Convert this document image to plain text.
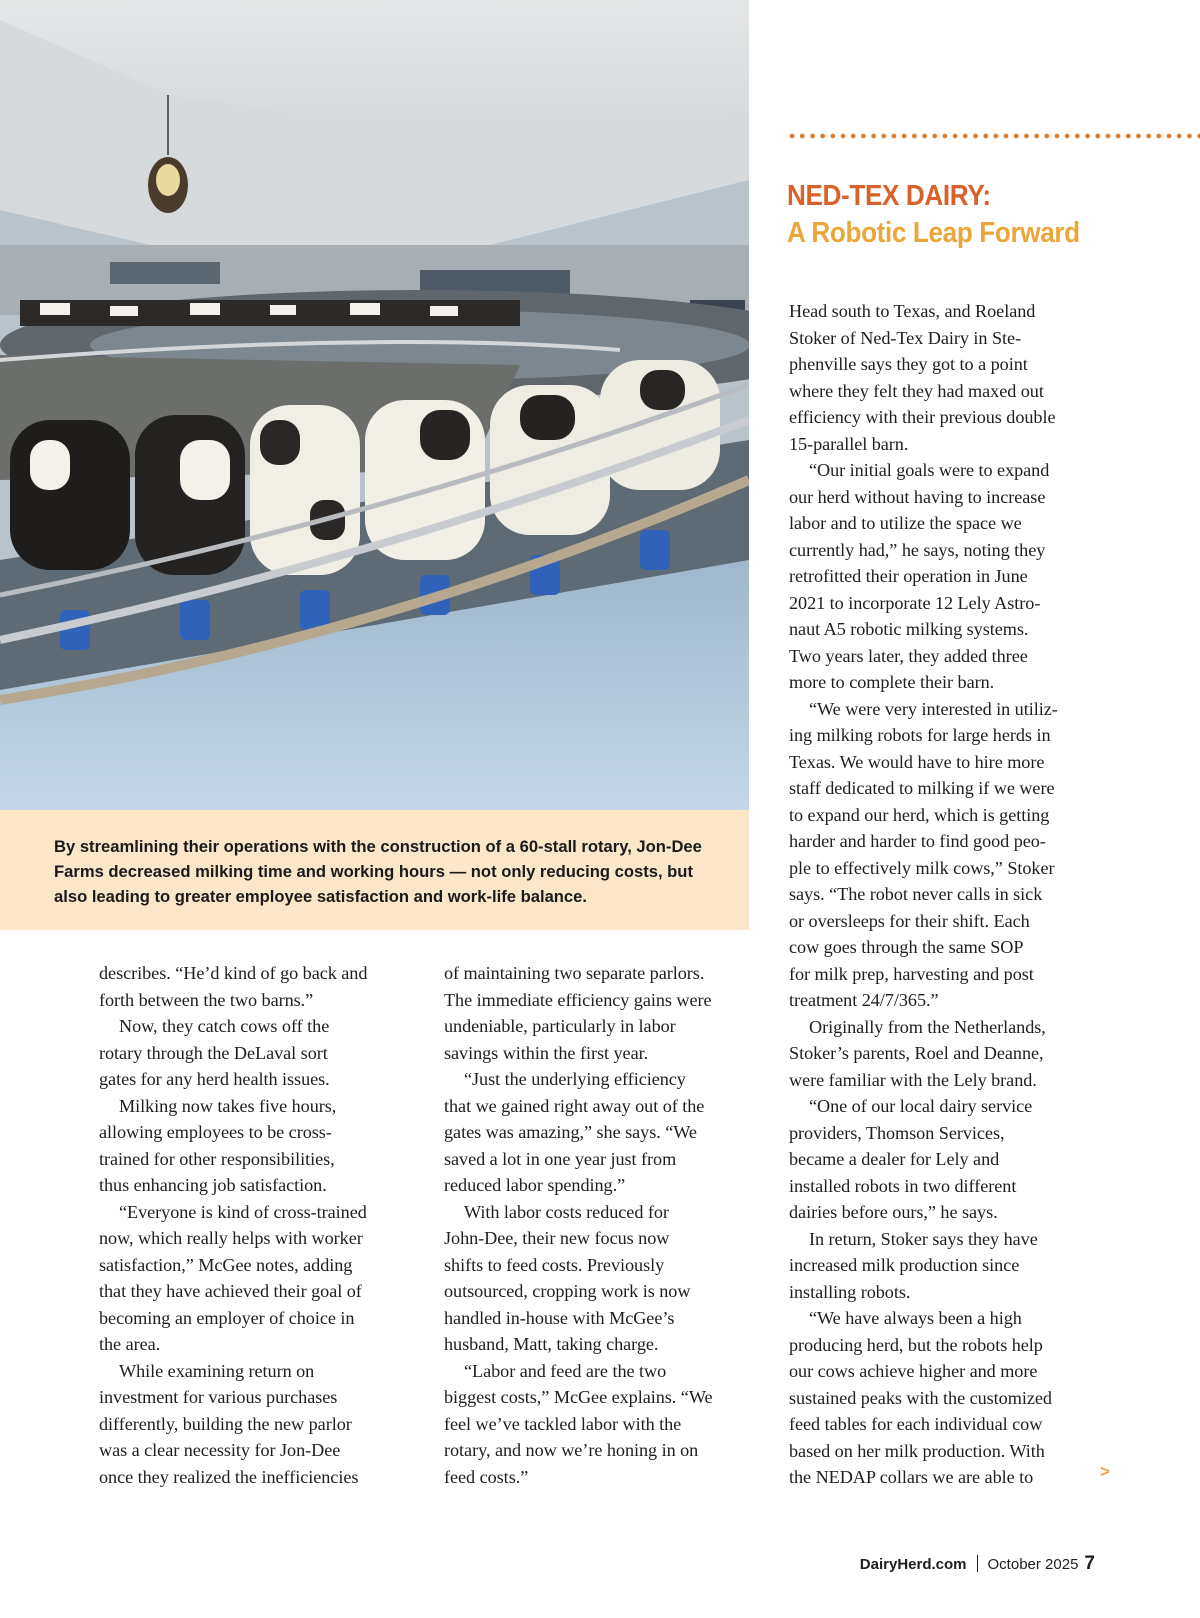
By streamlining their operations with the construction of a 60-stall rotary, Jon-Dee Farms decreased milking time and working hours — not only reducing costs, but also leading to greater employee satisfaction and work-life balance.

NED-TEX DAIRY:
A Robotic Leap Forward
describes. “He’d kind of go back and
forth between the two barns.”
Now, they catch cows off the
rotary through the DeLaval sort
gates for any herd health issues.
Milking now takes five hours,
allowing employees to be cross-
trained for other responsibilities,
thus enhancing job satisfaction.
“Everyone is kind of cross-trained
now, which really helps with worker
satisfaction,” McGee notes, adding
that they have achieved their goal of
becoming an employer of choice in
the area.
While examining return on
investment for various purchases
differently, building the new parlor
was a clear necessity for Jon-Dee
once they realized the inefficiencies
of maintaining two separate parlors.
The immediate efficiency gains were
undeniable, particularly in labor
savings within the first year.
“Just the underlying efficiency
that we gained right away out of the
gates was amazing,” she says. “We
saved a lot in one year just from
reduced labor spending.”
With labor costs reduced for
John-Dee, their new focus now
shifts to feed costs. Previously
outsourced, cropping work is now
handled in-house with McGee’s
husband, Matt, taking charge.
“Labor and feed are the two
biggest costs,” McGee explains. “We
feel we’ve tackled labor with the
rotary, and now we’re honing in on
feed costs.”
Head south to Texas, and Roeland
Stoker of Ned-Tex Dairy in Ste-
phenville says they got to a point
where they felt they had maxed out
efficiency with their previous double
15-parallel barn.
“Our initial goals were to expand
our herd without having to increase
labor and to utilize the space we
currently had,” he says, noting they
retrofitted their operation in June
2021 to incorporate 12 Lely Astro-
naut A5 robotic milking systems.
Two years later, they added three
more to complete their barn.
“We were very interested in utiliz-
ing milking robots for large herds in
Texas. We would have to hire more
staff dedicated to milking if we were
to expand our herd, which is getting
harder and harder to find good peo-
ple to effectively milk cows,” Stoker
says. “The robot never calls in sick
or oversleeps for their shift. Each
cow goes through the same SOP
for milk prep, harvesting and post
treatment 24/7/365.”
Originally from the Netherlands,
Stoker’s parents, Roel and Deanne,
were familiar with the Lely brand.
“One of our local dairy service
providers, Thomson Services,
became a dealer for Lely and
installed robots in two different
dairies before ours,” he says.
In return, Stoker says they have
increased milk production since
installing robots.
“We have always been a high
producing herd, but the robots help
our cows achieve higher and more
sustained peaks with the customized
feed tables for each individual cow
based on her milk production. With
the NEDAP collars we are able to	>
DairyHerd.com October 2025 7
